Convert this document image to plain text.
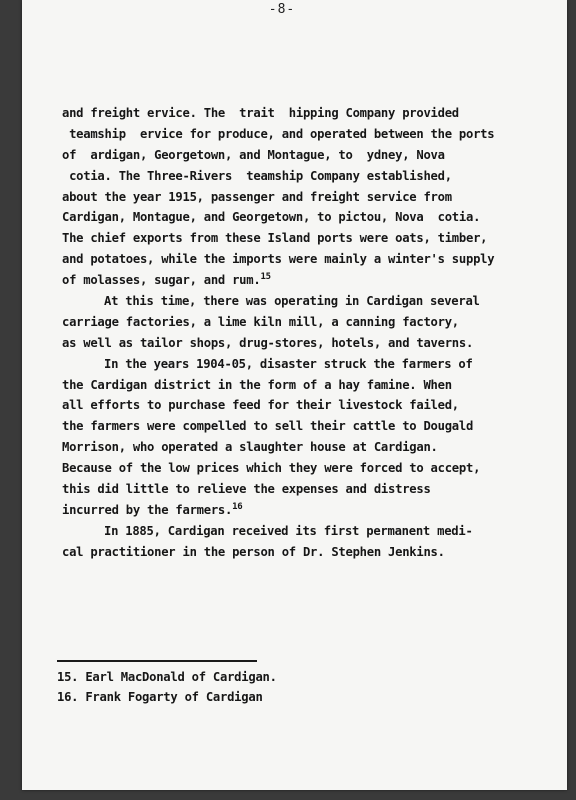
-8-
and freight ervice. The  trait  hipping Company provided
teamship  ervice for produce, and operated between the ports
of  ardigan, Georgetown, and Montague, to  ydney, Nova
cotia. The Three-Rivers  teamship Company established,
about the year 1915, passenger and freight service from
Cardigan, Montague, and Georgetown, to pictou, Nova  cotia.
The chief exports from these Island ports were oats, timber,
and potatoes, while the imports were mainly a winter's supply
of molasses, sugar, and rum.$^{15}$
At this time, there was operating in Cardigan several
carriage factories, a lime kiln mill, a canning factory,
as well as tailor shops, drug-stores, hotels, and taverns.
In the years 1904-05, disaster struck the farmers of
the Cardigan district in the form of a hay famine. When
all efforts to purchase feed for their livestock failed,
the farmers were compelled to sell their cattle to Dougald
Morrison, who operated a slaughter house at Cardigan.
Because of the low prices which they were forced to accept,
this did little to relieve the expenses and distress
incurred by the farmers.$^{16}$
In 1885, Cardigan received its first permanent medi-
cal practitioner in the person of Dr. Stephen Jenkins.
15. Earl MacDonald of Cardigan.
16. Frank Fogarty of Cardigan
